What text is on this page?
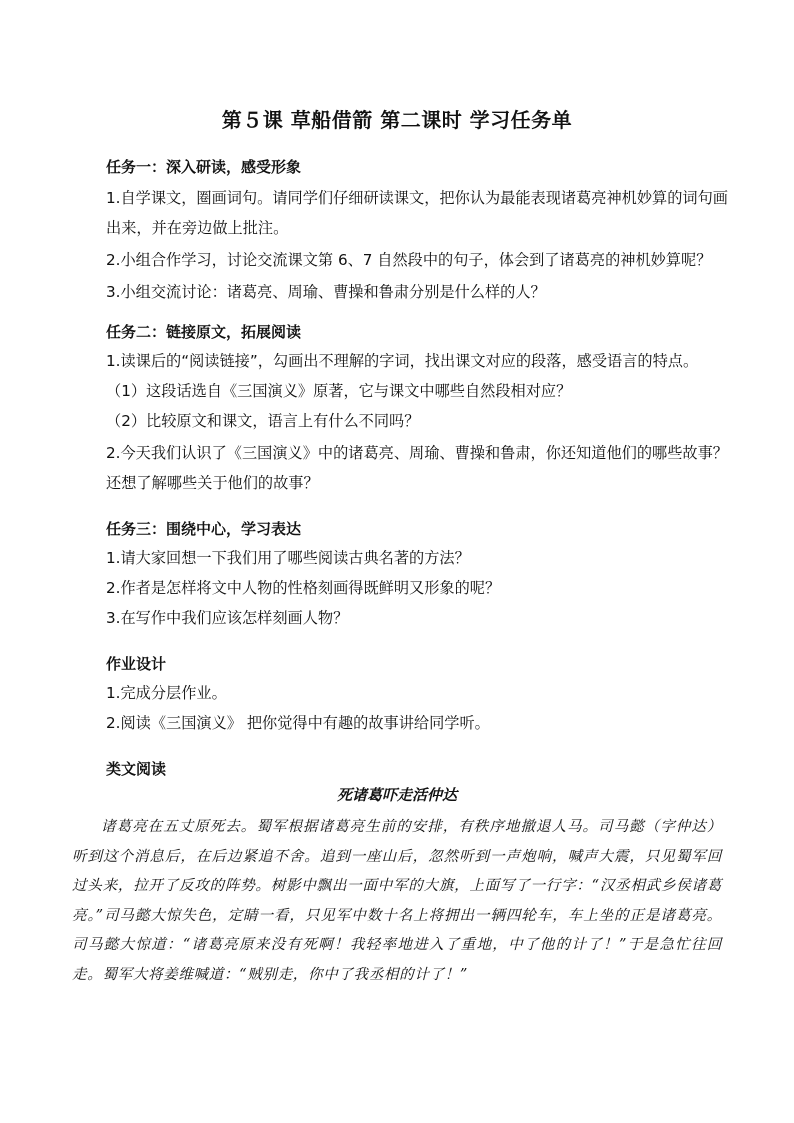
第５课 草船借箭 第二课时 学习任务单

任务一：深入研读，感受形象

1.自学课文，圈画词句。请同学们仔细研读课文，把你认为最能表现诸葛亮神机妙算的词句画出来，并在旁边做上批注。

2.小组合作学习，讨论交流课文第 6、7 自然段中的句子，体会到了诸葛亮的神机妙算呢？

3.小组交流讨论：诸葛亮、周瑜、曹操和鲁肃分别是什么样的人？

任务二：链接原文，拓展阅读

1.读课后的“阅读链接”，勾画出不理解的字词，找出课文对应的段落，感受语言的特点。

（1）这段话选自《三国演义》原著，它与课文中哪些自然段相对应？

（2）比较原文和课文，语言上有什么不同吗？

2.今天我们认识了《三国演义》中的诸葛亮、周瑜、曹操和鲁肃，你还知道他们的哪些故事？还想了解哪些关于他们的故事？

任务三：围绕中心，学习表达

1.请大家回想一下我们用了哪些阅读古典名著的方法？

2.作者是怎样将文中人物的性格刻画得既鲜明又形象的呢？

3.在写作中我们应该怎样刻画人物？

作业设计

1.完成分层作业。

2.阅读《三国演义》 把你觉得中有趣的故事讲给同学听。

类文阅读

死诸葛吓走活仲达
诸葛亮在五丈原死去。蜀军根据诸葛亮生前的安排，有秩序地撤退人马。司马懿（字仲达）听到这个消息后，在后边紧追不舍。追到一座山后，忽然听到一声炮响，喊声大震，只见蜀军回过头来，拉开了反攻的阵势。树影中飘出一面中军的大旗，上面写了一行字：“汉丞相武乡侯诸葛亮。”司马懿大惊失色，定睛一看，只见军中数十名上将拥出一辆四轮车，车上坐的正是诸葛亮。司马懿大惊道：“诸葛亮原来没有死啊！我轻率地进入了重地，中了他的计了！”于是急忙往回走。蜀军大将姜维喊道：“贼别走，你中了我丞相的计了！”
